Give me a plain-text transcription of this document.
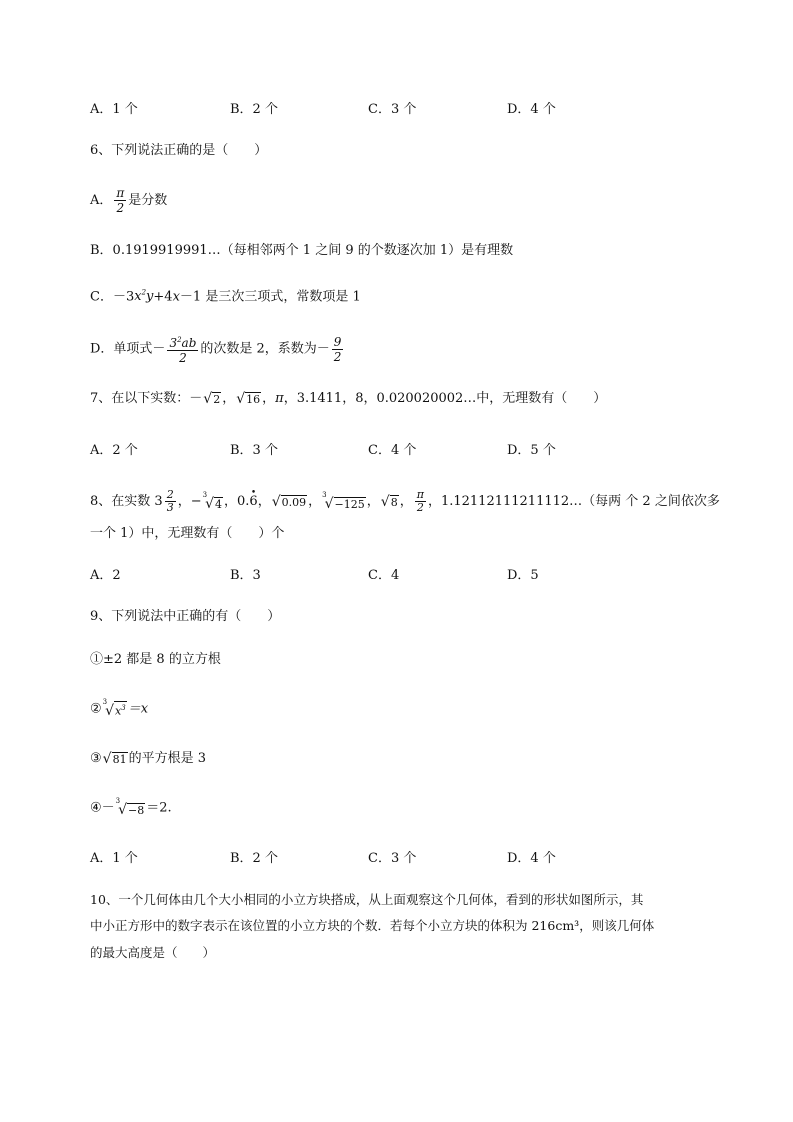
A．1 个	B．2 个	C．3 个	D．4 个
6、下列说法正确的是（　　）
A． $\frac{\pi}{2}$ 是分数
B．0.1919919991…（每相邻两个 1 之间 9 的个数逐次加 1）是有理数
C．$-3x^2y+4x-1$ 是三次三项式，常数项是 1
D．单项式－ $\frac{3^2ab}{2}$ 的次数是 2，系数为－ $\frac{9}{2}$
7、在以下实数：－ √ 2 ， √ 16 ，π，3.1411，8，0.020020002…中，无理数有（　　）
A．2 个	B．3 个	C．4 个	D．5 个
8、在实数 $3 \frac{2}{3}$ ，− 3
√ 4 ，0.6 •， √ 0.09 ， 3
√ −125 ， √ 8 ， $\frac{\pi}{2}$ ，1.12112111211112…（每两 个 2 之间依次多
一个 1）中，无理数有（　　）个
A．2	B．3	C．4	D．5
9、下列说法中正确的有（　　）
①±2 都是 8 的立方根
② 3
√ $x^3 =x$
③ √ 81 的平方根是 3
④－ 3
√ −8 ＝2.
A．1 个	B．2 个	C．3 个	D．4 个
10、一个几何体由几个大小相同的小立方块搭成，从上面观察这个几何体，看到的形状如图所示，其
中小正方形中的数字表示在该位置的小立方块的个数．若每个小立方块的体积为 216cm³，则该几何体
的最大高度是（　　）
